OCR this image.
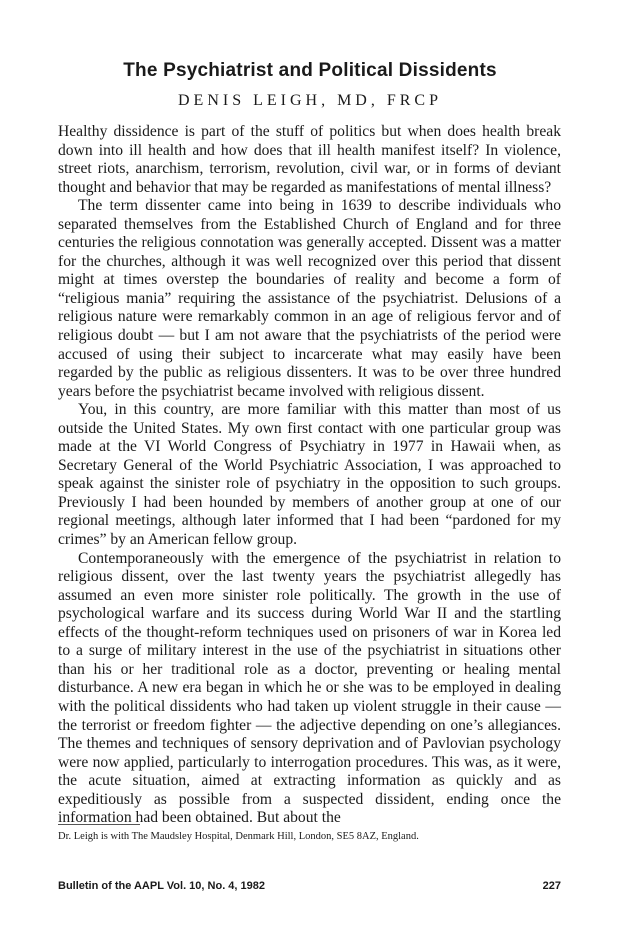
The Psychiatrist and Political Dissidents
DENIS LEIGH, MD, FRCP

Healthy dissidence is part of the stuff of politics but when does health break down into ill health and how does that ill health manifest itself? In violence, street riots, anarchism, terrorism, revolution, civil war, or in forms of deviant thought and behavior that may be regarded as manifestations of mental illness?

The term dissenter came into being in 1639 to describe individuals who separated themselves from the Established Church of England and for three centuries the religious connotation was generally accepted. Dissent was a matter for the churches, although it was well recognized over this period that dissent might at times overstep the boundaries of reality and become a form of “religious mania” requiring the assistance of the psychiatrist. Delusions of a religious nature were remarkably common in an age of religious fervor and of religious doubt — but I am not aware that the psychiatrists of the period were accused of using their subject to incarcerate what may easily have been regarded by the public as religious dissenters. It was to be over three hundred years before the psychiatrist became involved with religious dissent.

You, in this country, are more familiar with this matter than most of us outside the United States. My own first contact with one particular group was made at the VI World Congress of Psychiatry in 1977 in Hawaii when, as Secretary General of the World Psychiatric Association, I was approached to speak against the sinister role of psychiatry in the opposition to such groups. Previously I had been hounded by members of another group at one of our regional meetings, although later informed that I had been “pardoned for my crimes” by an American fellow group.

Contemporaneously with the emergence of the psychiatrist in relation to religious dissent, over the last twenty years the psychiatrist allegedly has assumed an even more sinister role politically. The growth in the use of psychological warfare and its success during World War II and the startling effects of the thought-reform techniques used on prisoners of war in Korea led to a surge of military interest in the use of the psychiatrist in situations other than his or her traditional role as a doctor, preventing or healing mental disturbance. A new era began in which he or she was to be employed in dealing with the political dissidents who had taken up violent struggle in their cause — the terrorist or freedom fighter — the adjective depending on one’s allegiances. The themes and techniques of sensory deprivation and of Pavlovian psychology were now applied, particularly to interrogation procedures. This was, as it were, the acute situation, aimed at extracting information as quickly and as expeditiously as possible from a suspected dissident, ending once the information had been obtained. But about the

Dr. Leigh is with The Maudsley Hospital, Denmark Hill, London, SE5 8AZ, England.
Bulletin of the AAPL Vol. 10, No. 4, 1982	227
